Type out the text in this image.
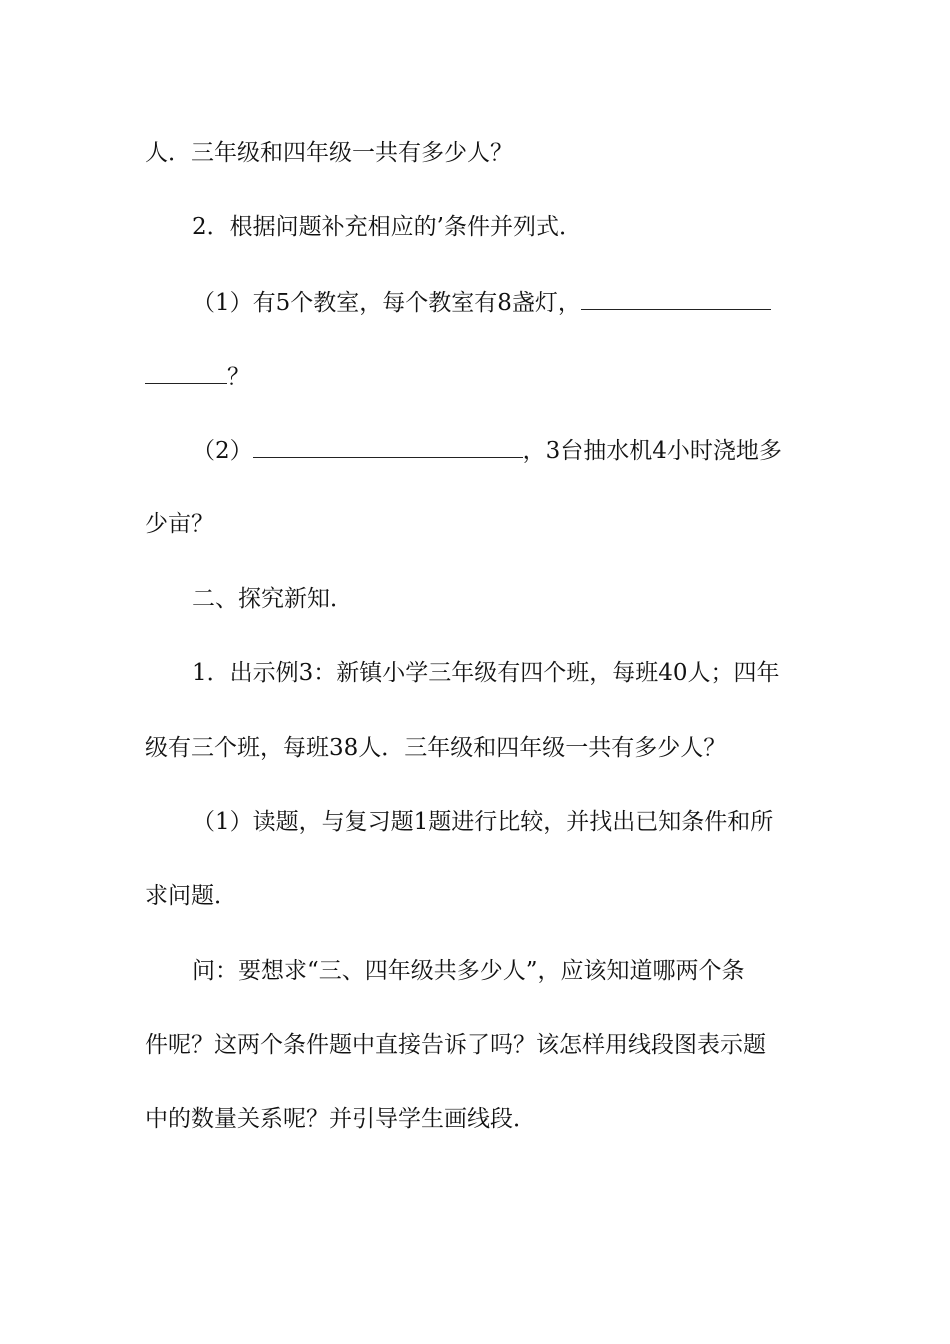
人．三年级和四年级一共有多少人？
2．根据问题补充相应的’条件并列式．
（1）有5个教室，每个教室有8盏灯，
？
（2）	，3台抽水机4小时浇地多
少亩？
二、探究新知．
1．出示例3：新镇小学三年级有四个班，每班40人；四年
级有三个班，每班38人．三年级和四年级一共有多少人？
（1）读题，与复习题1题进行比较，并找出已知条件和所
求问题．
问：要想求“三、四年级共多少人”，应该知道哪两个条
件呢？这两个条件题中直接告诉了吗？该怎样用线段图表示题
中的数量关系呢？并引导学生画线段．
